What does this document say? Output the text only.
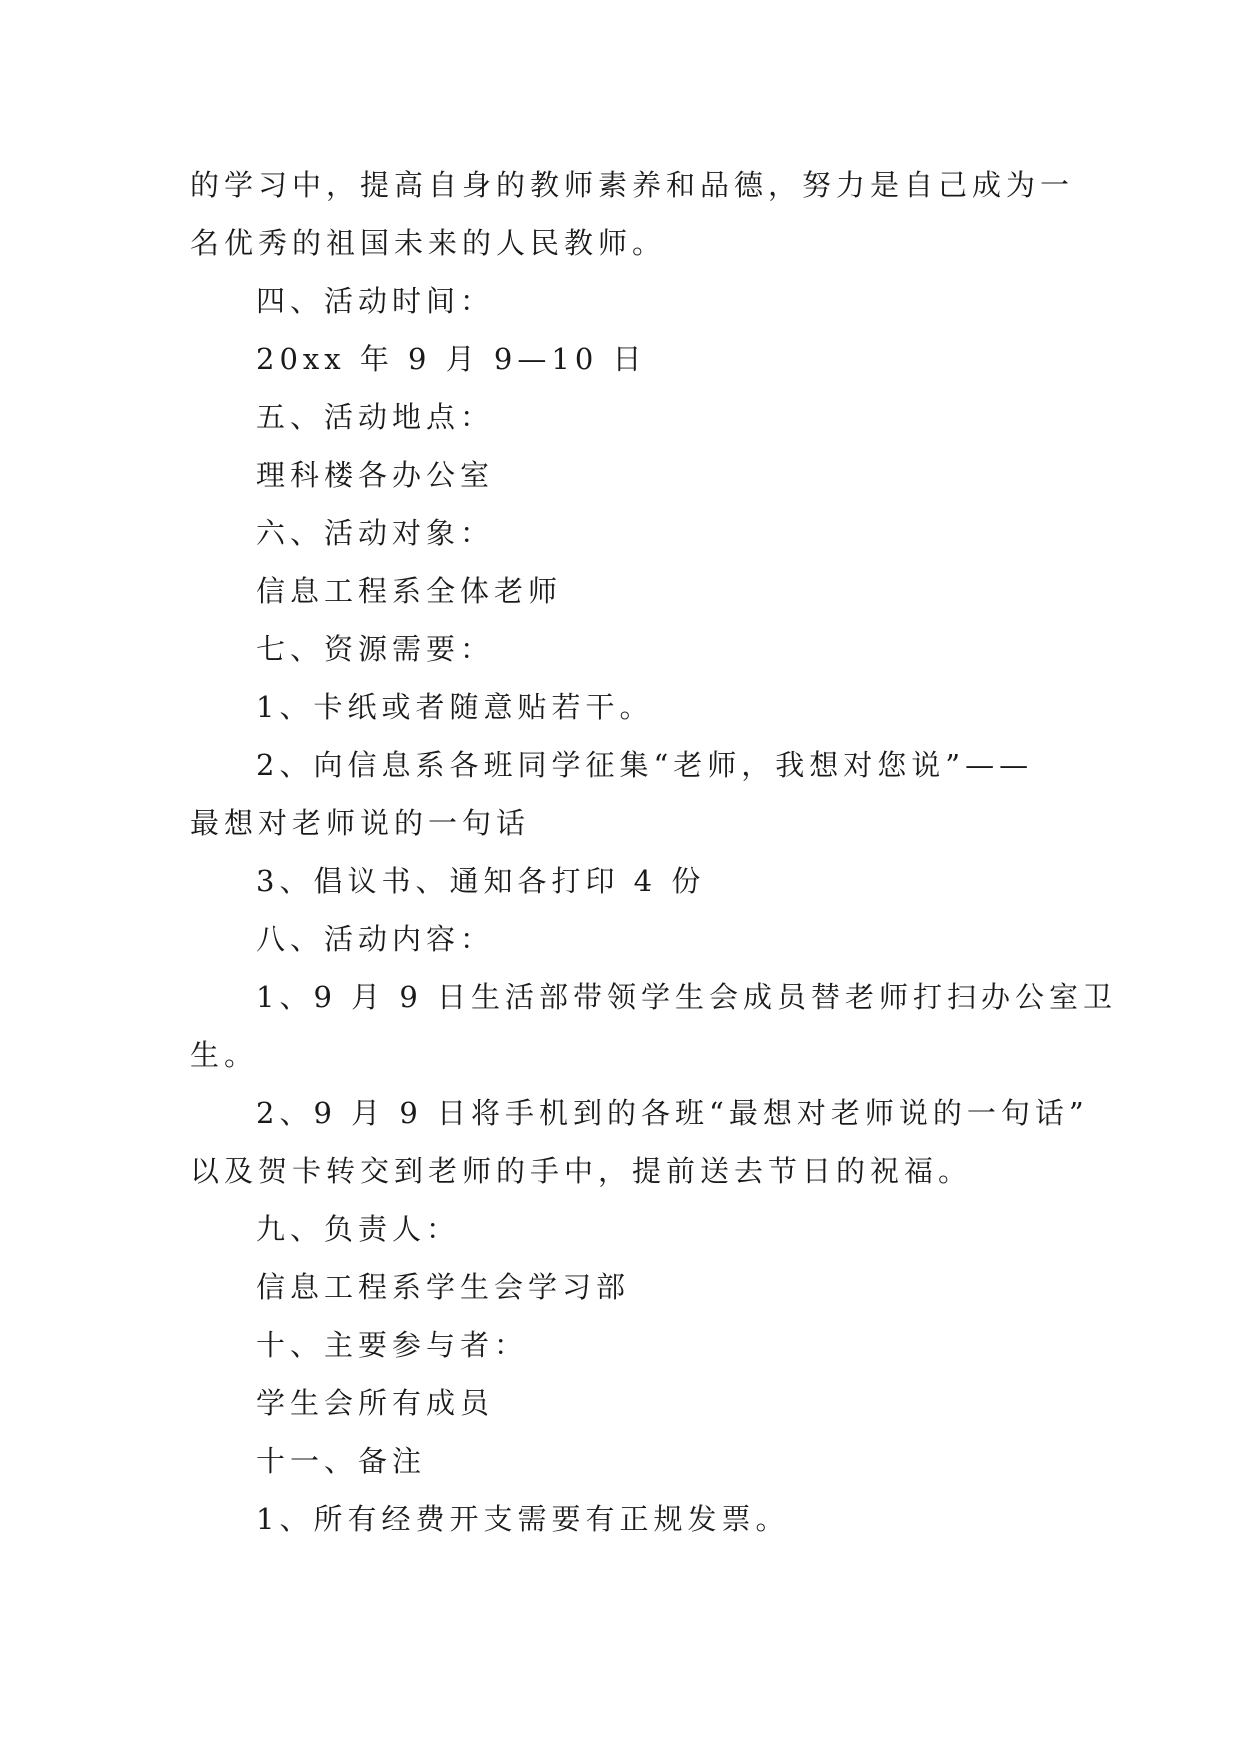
的学习中，提高自身的教师素养和品德，努力是自己成为一
名优秀的祖国未来的人民教师。
四、活动时间：
20xx 年 9 月 9—10 日
五、活动地点：
理科楼各办公室
六、活动对象：
信息工程系全体老师
七、资源需要：
1、卡纸或者随意贴若干。
2、向信息系各班同学征集“老师，我想对您说”——
最想对老师说的一句话
3、倡议书、通知各打印 4 份
八、活动内容：
1、9 月 9 日生活部带领学生会成员替老师打扫办公室卫
生。
2、9 月 9 日将手机到的各班“最想对老师说的一句话”
以及贺卡转交到老师的手中，提前送去节日的祝福。
九、负责人：
信息工程系学生会学习部
十、主要参与者：
学生会所有成员
十一、备注
1、所有经费开支需要有正规发票。
